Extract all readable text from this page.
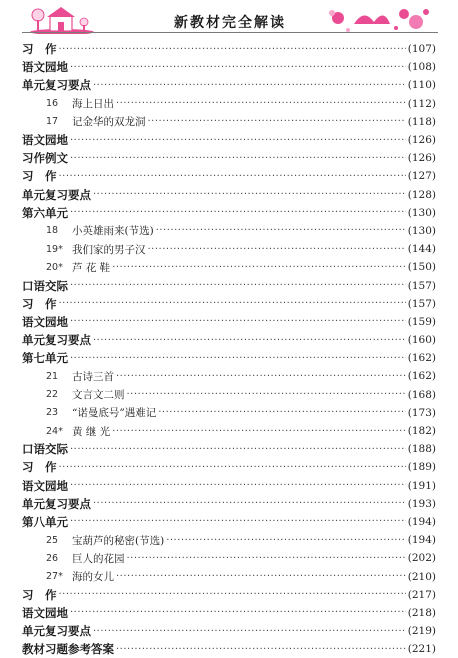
新教材完全解读
习　作 ·····	(107)
语文园地 ·····	(108)
单元复习要点 ·····	(110)
16	海上日出 ·····	(112)
17	记金华的双龙洞 ·····	(118)
语文园地 ·····	(126)
习作例文 ·····	(126)
习　作 ·····	(127)
单元复习要点 ·····	(128)
第六单元 ·····	(130)
18	小英雄雨来(节选) ·····	(130)
19* 我们家的男子汉 ·····	(144)
20* 芦 花 鞋 ·····	(150)
口语交际 ·····	(157)
习　作 ·····	(157)
语文园地 ·····	(159)
单元复习要点 ·····	(160)
第七单元 ·····	(162)
21	古诗三首 ·····	(162)
22	文言文二则 ·····	(168)
23	“诺曼底号”遇难记 ·····	(173)
24* 黄 继 光 ·····	(182)
口语交际 ·····	(188)
习　作 ·····	(189)
语文园地 ·····	(191)
单元复习要点 ·····	(193)
第八单元 ·····	(194)
25	宝葫芦的秘密(节选) ·····	(194)
26	巨人的花园 ·····	(202)
27* 海的女儿 ·····	(210)
习　作 ·····	(217)
语文园地 ·····	(218)
单元复习要点 ·····	(219)
教材习题参考答案 ·····	(221)
